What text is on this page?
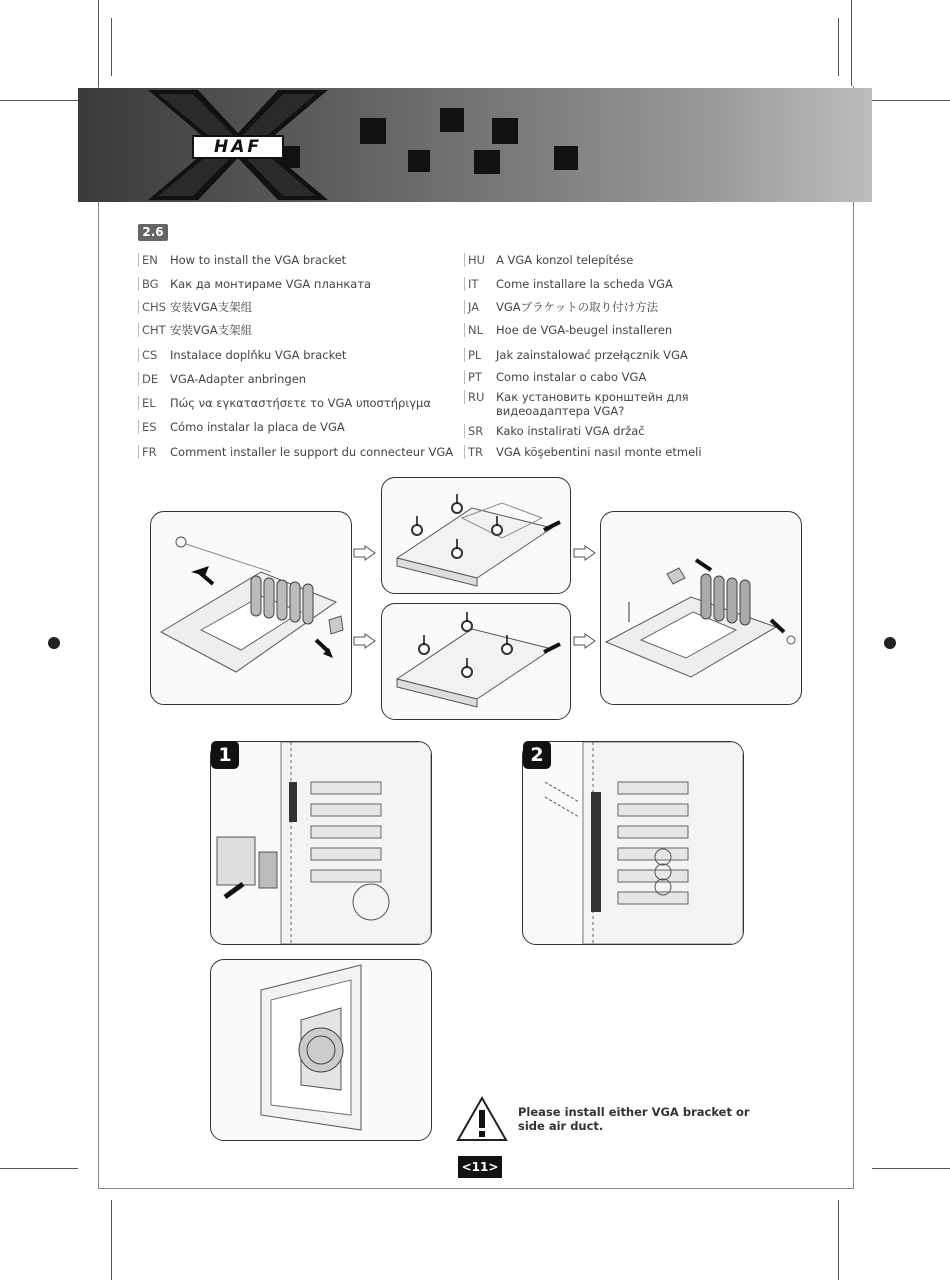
HAF
2.6
EN	How to install the VGA bracket
BG Как да монтираме VGA планката
CHS 安装VGA支架组
CHT 安裝VGA支架組
CS	Instalace doplňku VGA bracket
DE	VGA-Adapter anbringen
EL	Πώς να εγκαταστήσετε το VGA υποστήριγμα
ES	Cómo instalar la placa de VGA
FR	Comment installer le support du connecteur VGA
HU A VGA konzol telepítése
IT	Come installare la scheda VGA
JA	VGAブラケットの取り付け方法
NL	Hoe de VGA-beugel installeren
PL	Jak zainstalować przełącznik VGA
PT	Como instalar o cabo VGA
RU	Как установить кронштейн для видеоадаптера VGA?
SR	Kako instalirati VGA držač
TR	VGA köşebentini nasıl monte etmeli
1	2
Please install either VGA bracket or side air duct.
<11>
